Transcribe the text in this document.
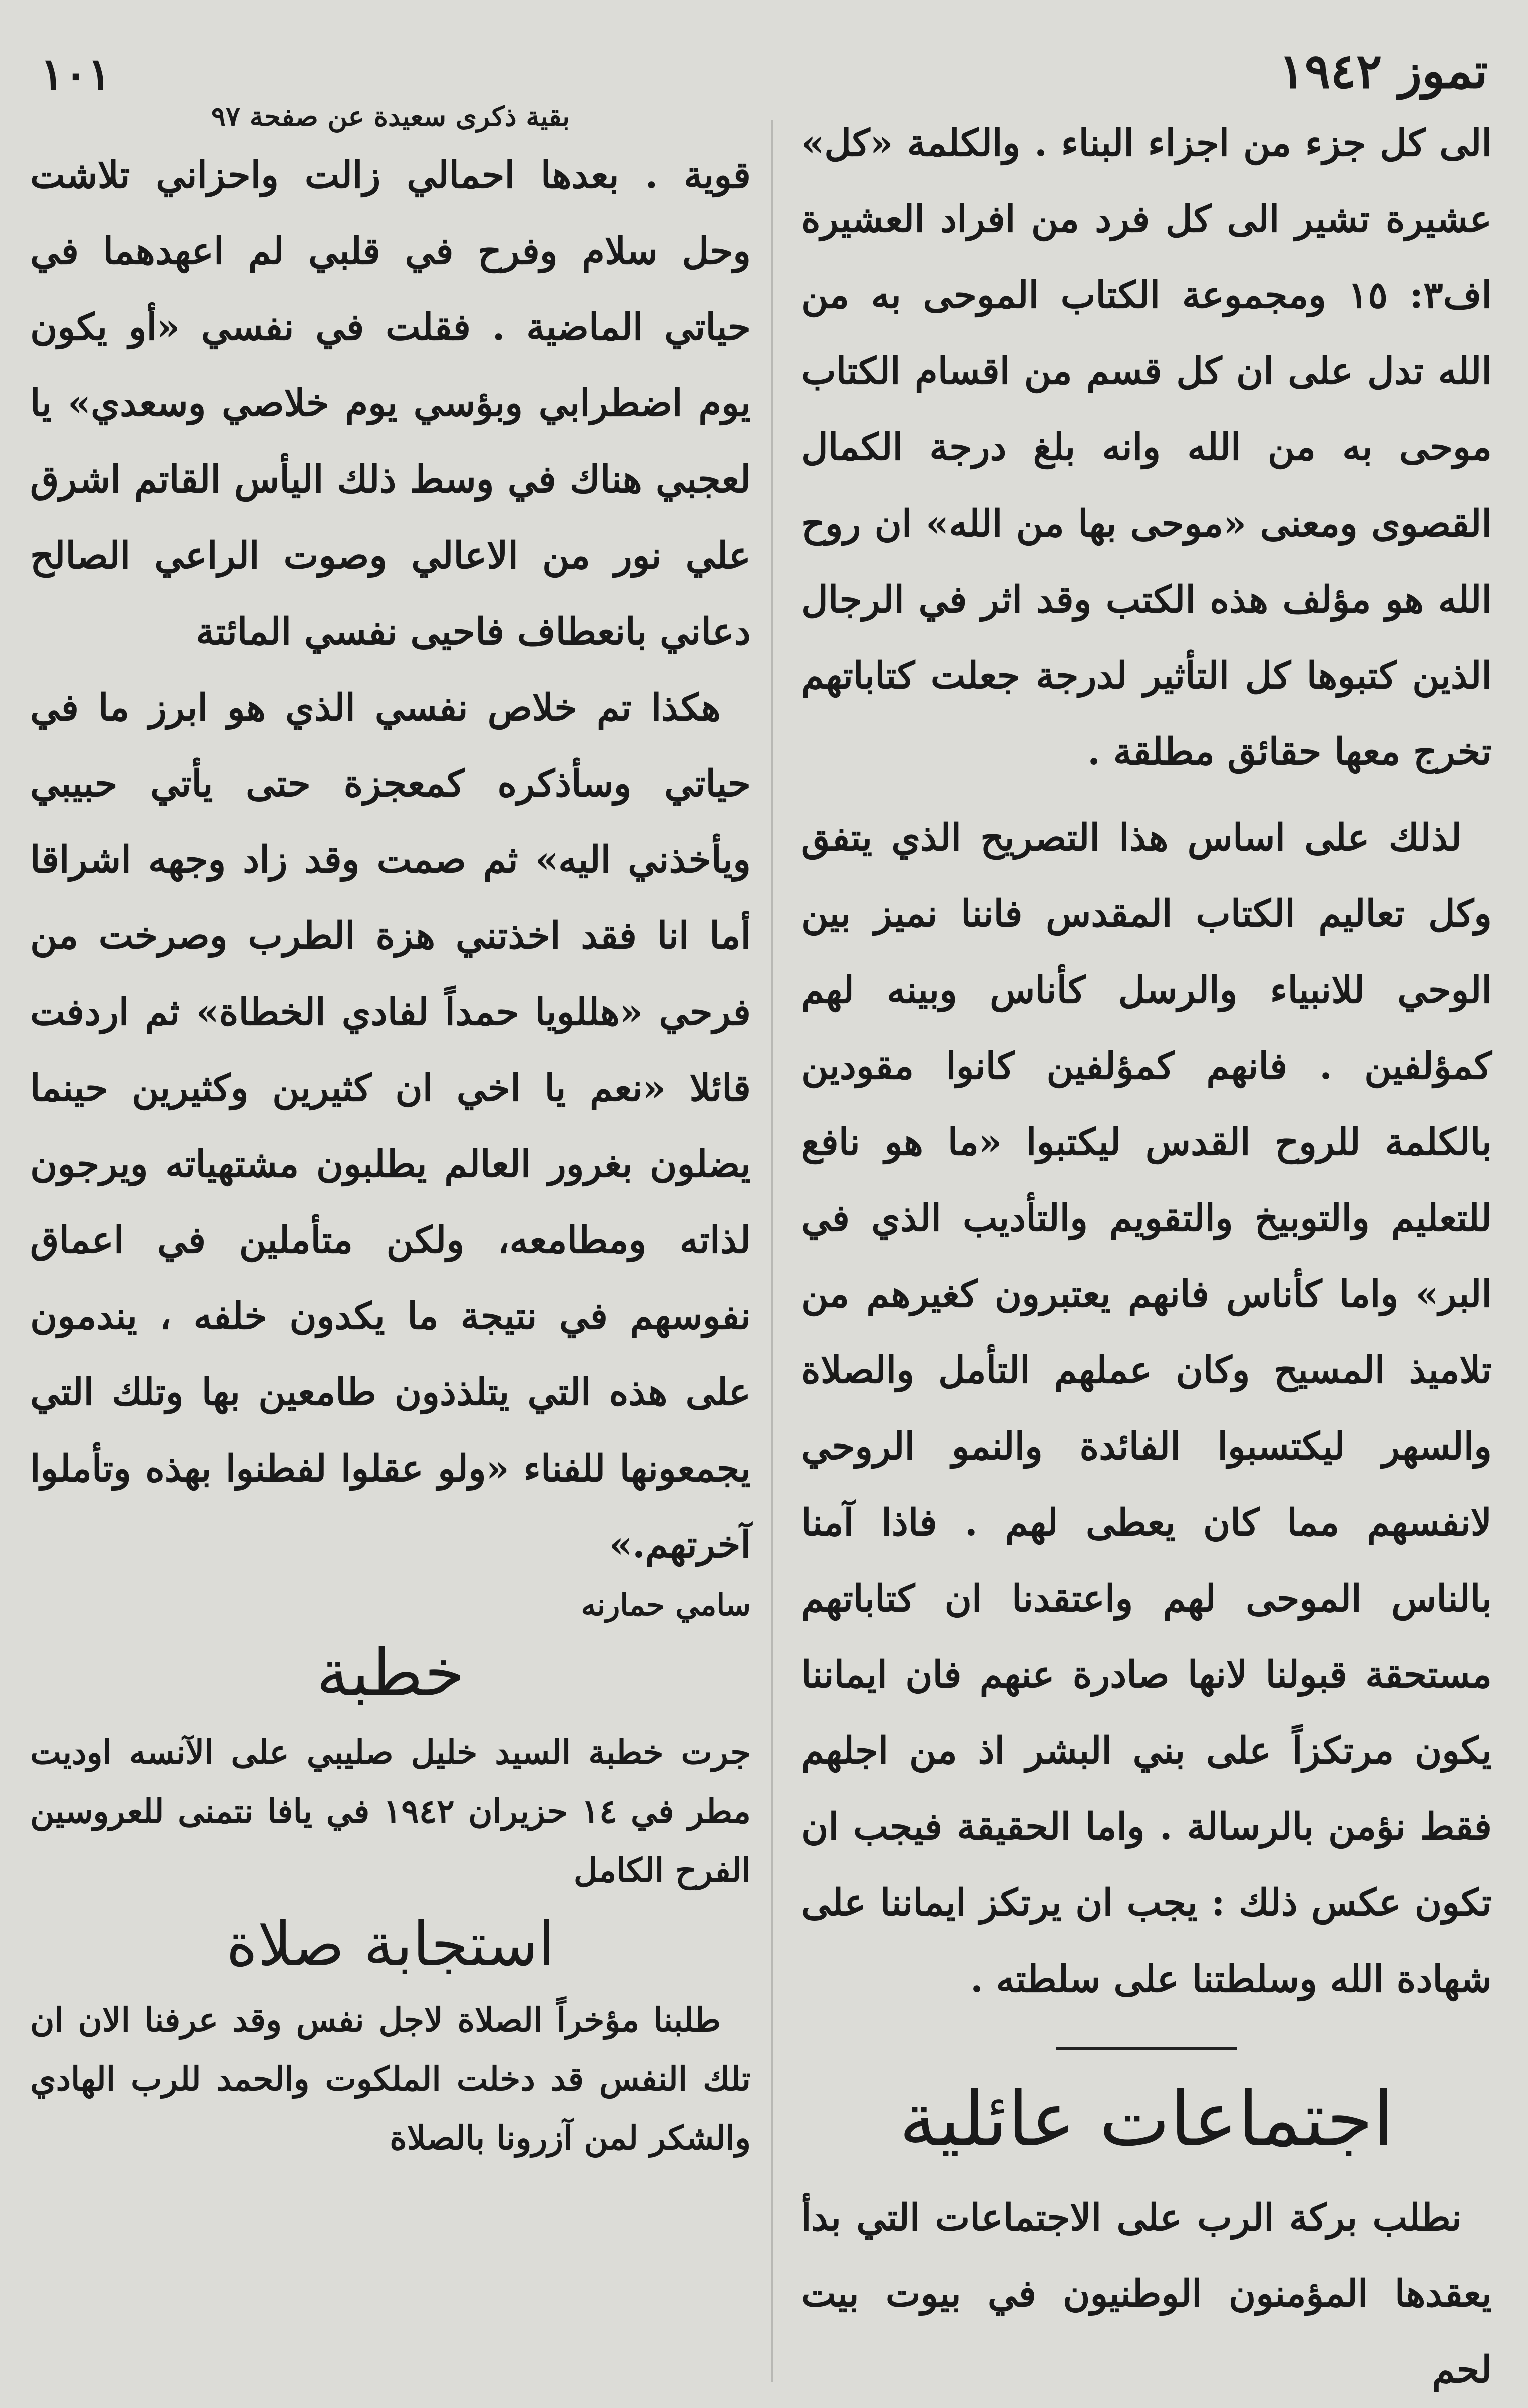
١٠١	تموز ١٩٤٢

الى كل جزء من اجزاء البناء . والكلمة «كل» عشيرة تشير الى كل فرد من افراد العشيرة اف٣: ١٥ ومجموعة الكتاب الموحى به من الله تدل على ان كل قسم من اقسام الكتاب موحى به من الله وانه بلغ درجة الكمال القصوى ومعنى «موحى بها من الله» ان روح الله هو مؤلف هذه الكتب وقد اثر في الرجال الذين كتبوها كل التأثير لدرجة جعلت كتاباتهم تخرج معها حقائق مطلقة .

لذلك على اساس هذا التصريح الذي يتفق وكل تعاليم الكتاب المقدس فاننا نميز بين الوحي للانبياء والرسل كأناس وبينه لهم كمؤلفين . فانهم كمؤلفين كانوا مقودين بالكلمة للروح القدس ليكتبوا «ما هو نافع للتعليم والتوبيخ والتقويم والتأديب الذي في البر» واما كأناس فانهم يعتبرون كغيرهم من تلاميذ المسيح وكان عملهم التأمل والصلاة والسهر ليكتسبوا الفائدة والنمو الروحي لانفسهم مما كان يعطى لهم . فاذا آمنا بالناس الموحى لهم واعتقدنا ان كتاباتهم مستحقة قبولنا لانها صادرة عنهم فان ايماننا يكون مرتكزاً على بني البشر اذ من اجلهم فقط نؤمن بالرسالة . واما الحقيقة فيجب ان تكون عكس ذلك : يجب ان يرتكز ايماننا على شهادة الله وسلطتنا على سلطته .

اجتماعات عائلية

نطلب بركة الرب على الاجتماعات التي بدأ يعقدها المؤمنون الوطنيون في بيوت بيت لحم

بقية ذكرى سعيدة عن صفحة ٩٧

قوية . بعدها احمالي زالت واحزاني تلاشت وحل سلام وفرح في قلبي لم اعهدهما في حياتي الماضية . فقلت في نفسي «أو يكون يوم اضطرابي وبؤسي يوم خلاصي وسعدي» يا لعجبي هناك في وسط ذلك اليأس القاتم اشرق علي نور من الاعالي وصوت الراعي الصالح دعاني بانعطاف فاحيى نفسي المائتة

هكذا تم خلاص نفسي الذي هو ابرز ما في حياتي وسأذكره كمعجزة حتى يأتي حبيبي ويأخذني اليه» ثم صمت وقد زاد وجهه اشراقا أما انا فقد اخذتني هزة الطرب وصرخت من فرحي «هللويا حمداً لفادي الخطاة» ثم اردفت قائلا «نعم يا اخي ان كثيرين وكثيرين حينما يضلون بغرور العالم يطلبون مشتهياته ويرجون لذاته ومطامعه، ولكن متأملين في اعماق نفوسهم في نتيجة ما يكدون خلفه ، يندمون على هذه التي يتلذذون طامعين بها وتلك التي يجمعونها للفناء «ولو عقلوا لفطنوا بهذه وتأملوا آخرتهم.»

سامي حمارنه

خطبة

جرت خطبة السيد خليل صليبي على الآنسه اوديت مطر في ١٤ حزيران ١٩٤٢ في يافا نتمنى للعروسين الفرح الكامل

استجابة صلاة

طلبنا مؤخراً الصلاة لاجل نفس وقد عرفنا الان ان تلك النفس قد دخلت الملكوت والحمد للرب الهادي والشكر لمن آزرونا بالصلاة
